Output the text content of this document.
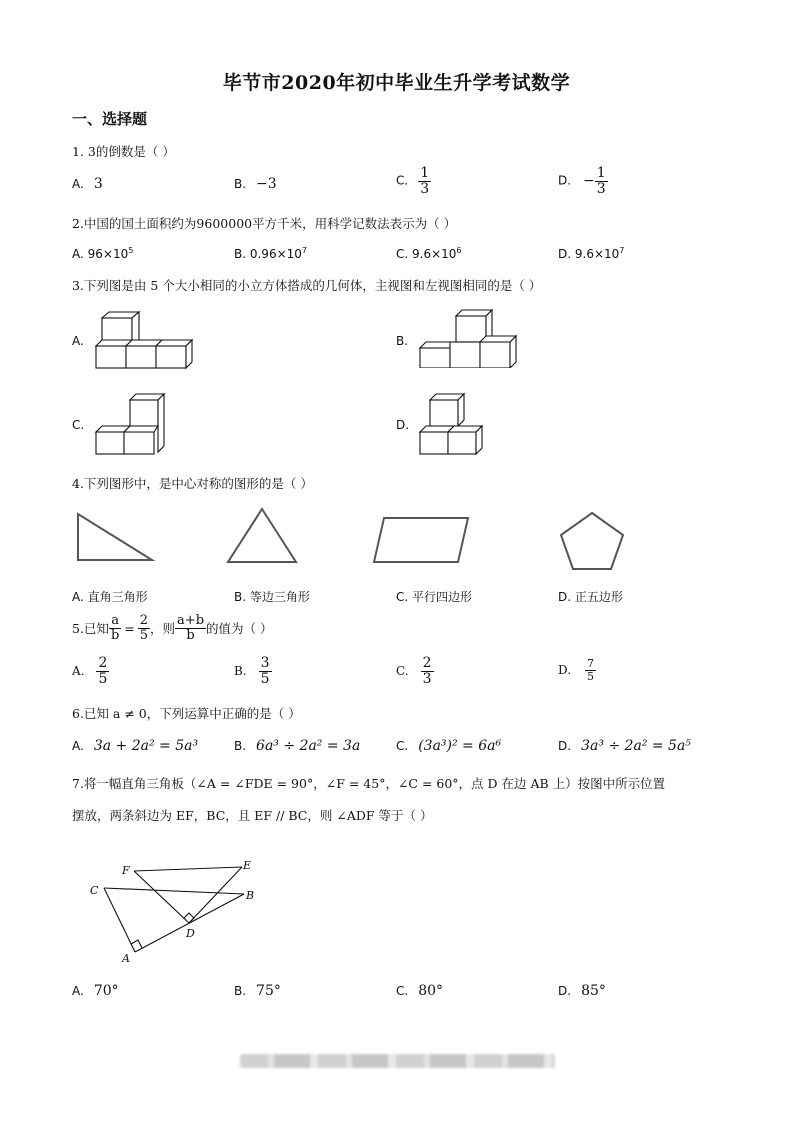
毕节市2020年初中毕业生升学考试数学
一、选择题
1. 3的倒数是（ ）
A. 3	B. −3	C. $\frac{1}{3}$	D. − $\frac{1}{3}$
2.中国的国土面积约为9600000平方千米，用科学记数法表示为（ ）
A. $96\times 10^5$	B. $0.96\times 10^7$	C. $9.6\times 10^6$	D. $9.6\times 10^7$
3.下列图是由 5 个大小相同的小立方体搭成的几何体，主视图和左视图相同的是（ ）
A.	B.
C.	D.
4.下列图形中，是中心对称的图形的是（ ）
A. 直角三角形	B. 等边三角形	C. 平行四边形	D. 正五边形
5.已知 $\frac{a}{b} = \frac{2}{5}$ ，则 $\frac{a+b}{b}$ 的值为（ ）
A. $\frac{2}{5}$	B. $\frac{3}{5}$	C. $\frac{2}{3}$	D. $\frac{7}{5}$
6.已知 a ≠ 0，下列运算中正确的是（ ）
A. 3a + 2a² = 5a³	B. 6a³ ÷ 2a² = 3a	C. (3a³)² = 6a⁶	D. 3a³ ÷ 2a² = 5a⁵
7.将一幅直角三角板（∠A = ∠FDE = 90°，∠F = 45°，∠C = 60°，点 D 在边 AB 上）按图中所示位置
摆放，两条斜边为 EF，BC，且 EF // BC，则 ∠ADF 等于（ ）
F	E
C	B
D
A
A. 70°	B. 75°	C. 80°	D. 85°
